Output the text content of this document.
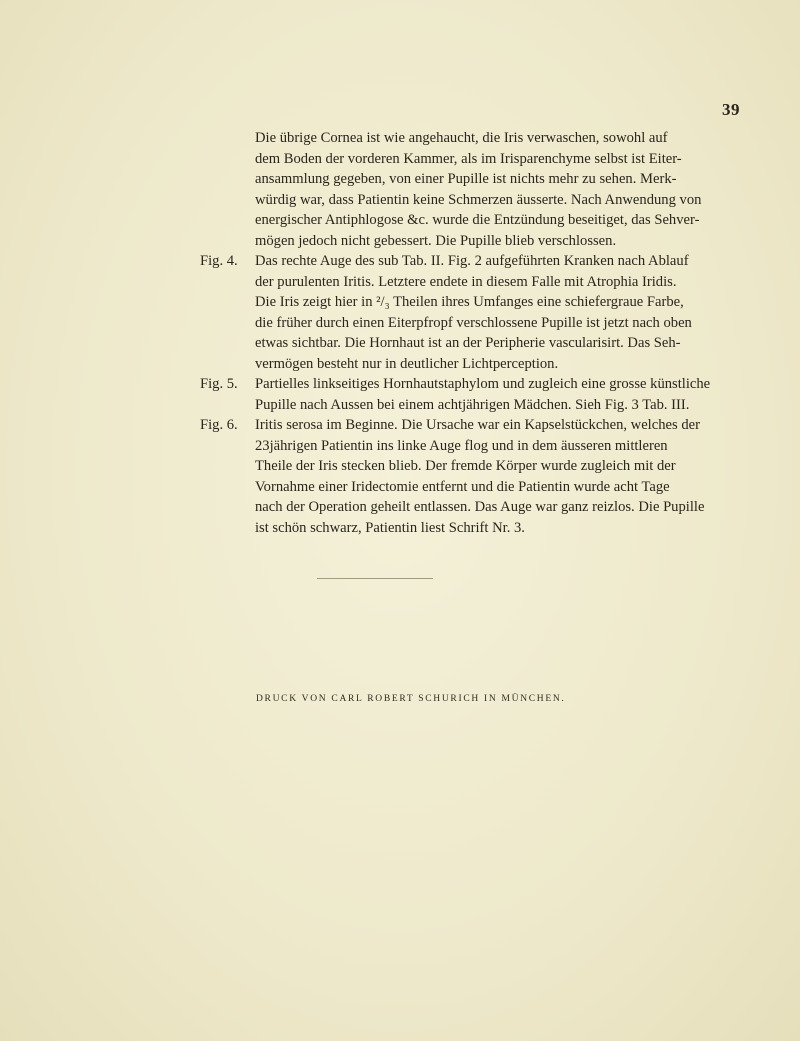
39
Die übrige Cornea ist wie angehaucht, die Iris verwaschen, sowohl auf
dem Boden der vorderen Kammer, als im Irisparenchyme selbst ist Eiter-
ansammlung gegeben, von einer Pupille ist nichts mehr zu sehen. Merk-
würdig war, dass Patientin keine Schmerzen äusserte. Nach Anwendung von
energischer Antiphlogose &c. wurde die Entzündung beseitiget, das Sehver-
mögen jedoch nicht gebessert. Die Pupille blieb verschlossen.
Fig. 4.	Das rechte Auge des sub Tab. II. Fig. 2 aufgeführten Kranken nach Ablauf
der purulenten Iritis. Letztere endete in diesem Falle mit Atrophia Iridis.
Die Iris zeigt hier in ²/₃ Theilen ihres Umfanges eine schiefergraue Farbe,
die früher durch einen Eiterpfropf verschlossene Pupille ist jetzt nach oben
etwas sichtbar. Die Hornhaut ist an der Peripherie vascularisirt. Das Seh-
vermögen besteht nur in deutlicher Lichtperception.
Fig. 5.	Partielles linkseitiges Hornhautstaphylom und zugleich eine grosse künstliche
Pupille nach Aussen bei einem achtjährigen Mädchen. Sieh Fig. 3 Tab. III.
Fig. 6.	Iritis serosa im Beginne. Die Ursache war ein Kapselstückchen, welches der
23jährigen Patientin ins linke Auge flog und in dem äusseren mittleren
Theile der Iris stecken blieb. Der fremde Körper wurde zugleich mit der
Vornahme einer Iridectomie entfernt und die Patientin wurde acht Tage
nach der Operation geheilt entlassen. Das Auge war ganz reizlos. Die Pupille
ist schön schwarz, Patientin liest Schrift Nr. 3.
DRUCK VON CARL ROBERT SCHURICH IN MÜNCHEN.
